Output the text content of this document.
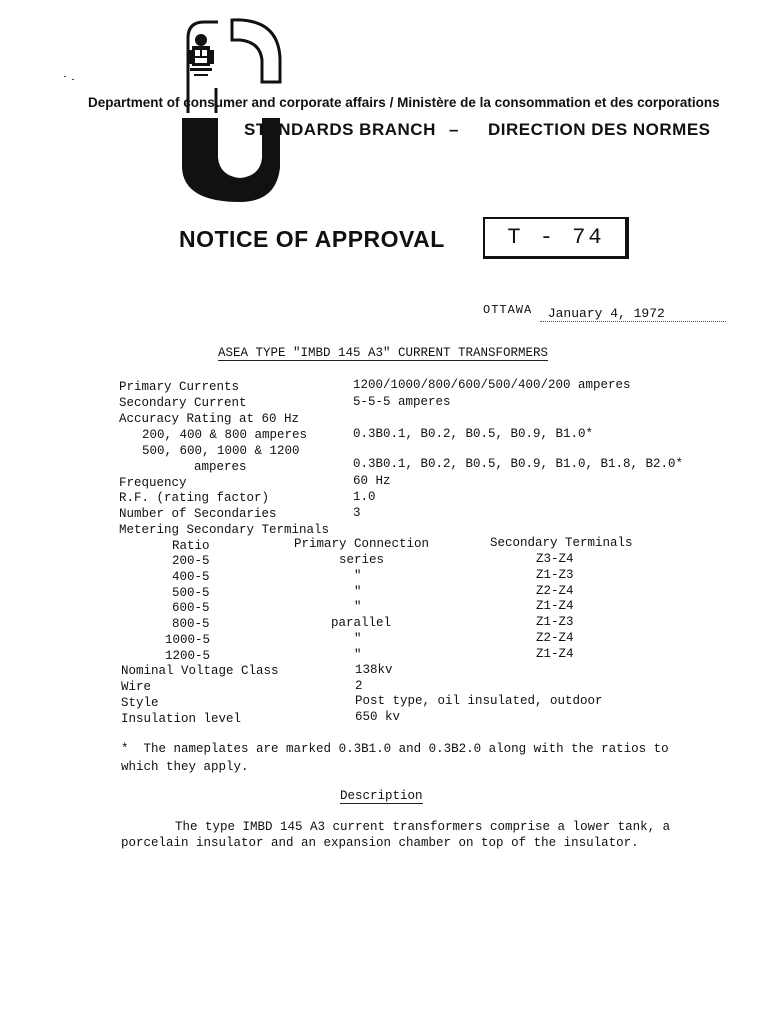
Department of consumer and corporate affairs / Ministère de la consommation et des corporations
STANDARDS BRANCH – DIRECTION DES NORMES
NOTICE OF APPROVAL	T - 74
OTTAWA	January 4, 1972
ASEA TYPE "IMBD 145 A3" CURRENT TRANSFORMERS
Primary Currents	1200/1000/800/600/500/400/200 amperes
Secondary Current	5-5-5 amperes
Accuracy Rating at 60 Hz
200, 400 & 800 amperes	0.3B0.1, B0.2, B0.5, B0.9, B1.0*
500, 600, 1000 & 1200
amperes	0.3B0.1, B0.2, B0.5, B0.9, B1.0, B1.8, B2.0*
Frequency	60 Hz
R.F. (rating factor)	1.0
Number of Secondaries	3
Metering Secondary Terminals
Ratio	Primary Connection	Secondary Terminals
200-5	series	Z3-Z4
400-5	"	Z1-Z3
500-5	"	Z2-Z4
600-5	"	Z1-Z4
800-5	parallel	Z1-Z3
1000-5	"	Z2-Z4
1200-5	"	Z1-Z4
Nominal Voltage Class	138kv
Wire	2
Style	Post type, oil insulated, outdoor
Insulation level	650 kv
* The nameplates are marked 0.3B1.0 and 0.3B2.0 along with the ratios to which they apply.
Description
The type IMBD 145 A3 current transformers comprise a lower tank, a porcelain insulator and an expansion chamber on top of the insulator.
